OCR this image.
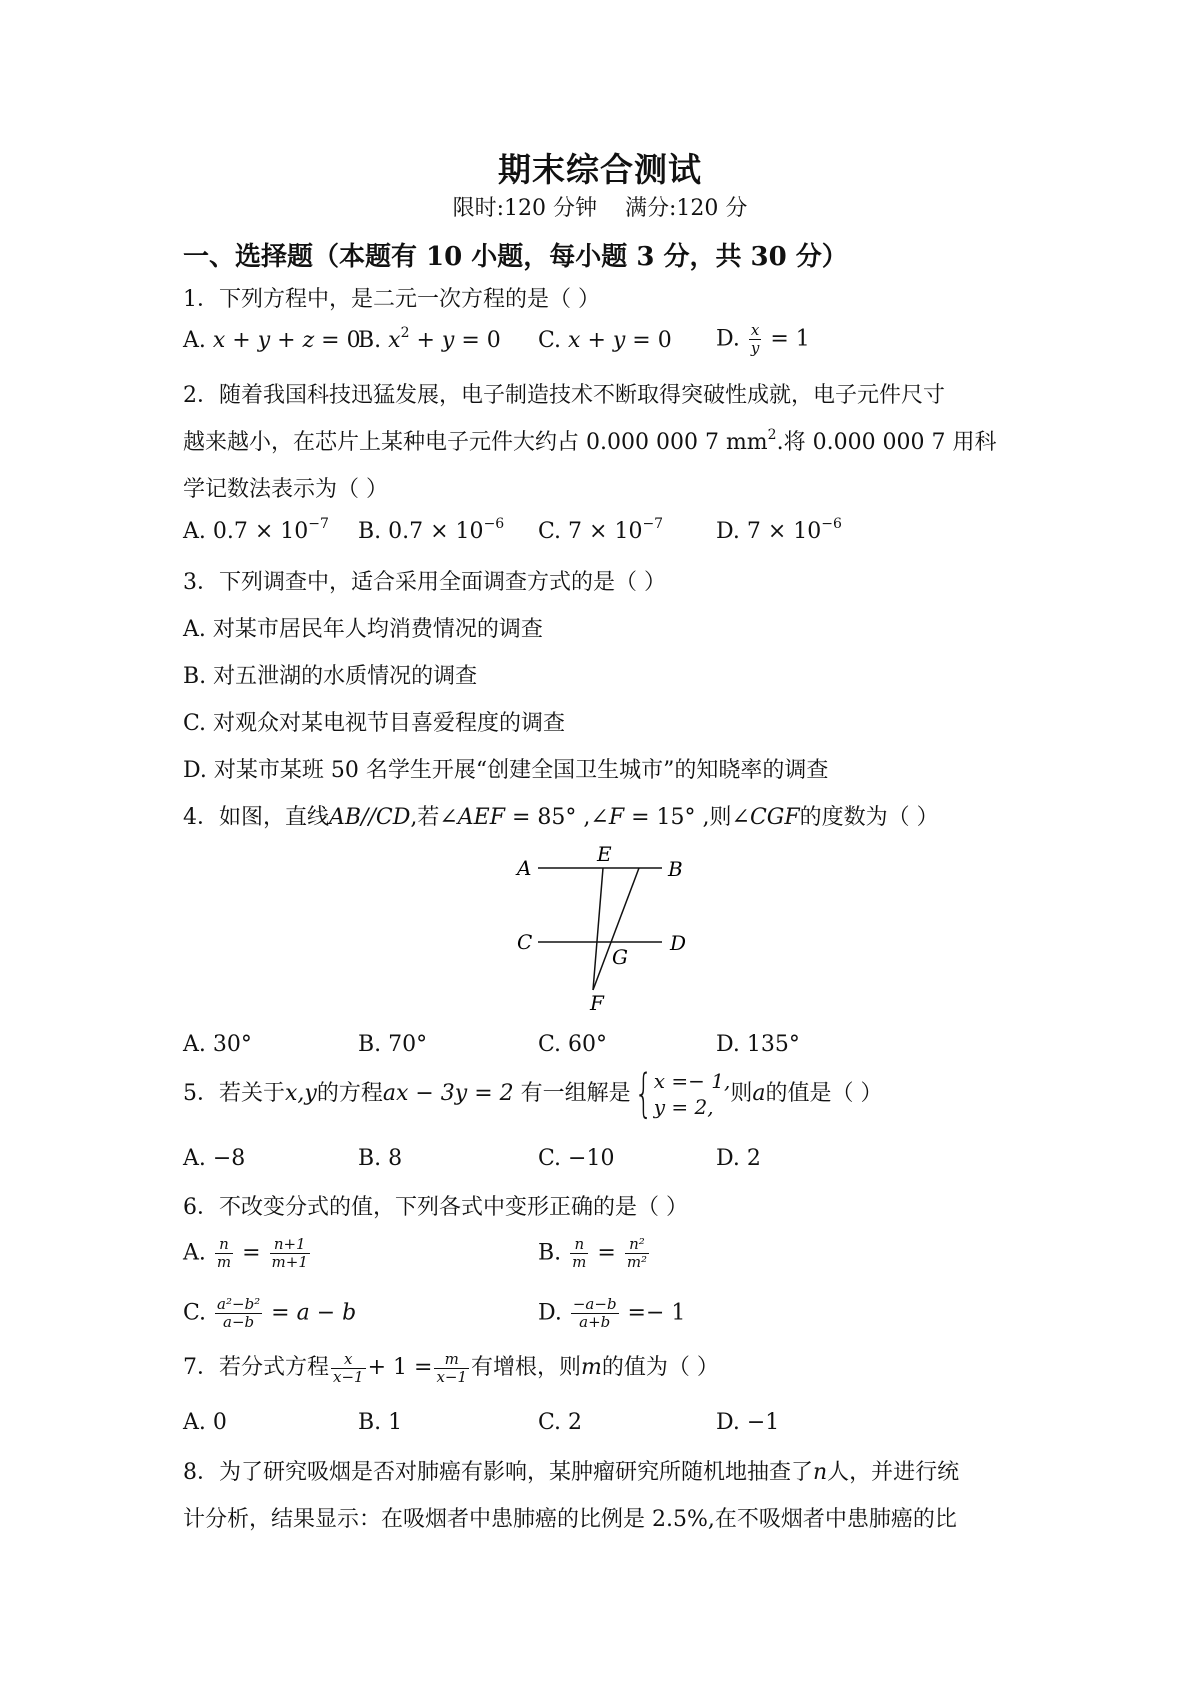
期末综合测试
限时:120 分钟    满分:120 分
一、选择题（本题有 10 小题，每小题 3 分，共 30 分）
1．下列方程中，是二元一次方程的是（ ）
A. x + y + z = 0
B. $x^2 + y = 0$ C. x + y = 0 D. $\frac{x}{y} = 1$
2．随着我国科技迅猛发展，电子制造技术不断取得突破性成就，电子元件尺寸
越来越小，在芯片上某种电子元件大约占 0.000 000 7 $mm^2$.将 0.000 000 7 用科
学记数法表示为（ ）
A. $0.7 \times 10^{-7}$ B. $0.7 \times 10^{-6}$ C. $7 \times 10^{-7}$ D. $7 \times 10^{-6}$
3．下列调查中，适合采用全面调查方式的是（ ）
A. 对某市居民年人均消费情况的调查
B. 对五泄湖的水质情况的调查
C. 对观众对某电视节目喜爱程度的调查
D. 对某市某班 50 名学生开展“创建全国卫生城市”的知晓率的调查
4．如图，直线AB//CD,若∠AEF = 85° ,∠F = 15° ,则∠CGF的度数为（ ）
A
E
B
C
G
D
F
A. 30°	B. 70°	C. 60°	D. 135°
5．若关于x,y的方程ax − 3y = 2 有一组解是{ x =− 1,
y = 2,
则a的值是（ ）
A. −8	B. 8	C. −10	D. 2
6．不改变分式的值，下列各式中变形正确的是（ ）
A. $\frac{n}{m} = \frac{n+1}{m+1}$	B. $\frac{n}{m} = \frac{\text{n²}}{\text{m²}}$
C. $\frac{\text{a²−b²}}{a-b} = a - b$	D. $\frac{-a-b}{a+b} =- 1$
7．若分式方程 $\frac{x}{x-1} + 1 = \frac{m}{x-1}$ 有增根，则m的值为（ ）
A. 0	B. 1	C. 2	D. −1
8．为了研究吸烟是否对肺癌有影响，某肿瘤研究所随机地抽查了n人，并进行统
计分析，结果显示：在吸烟者中患肺癌的比例是 2.5%,在不吸烟者中患肺癌的比
